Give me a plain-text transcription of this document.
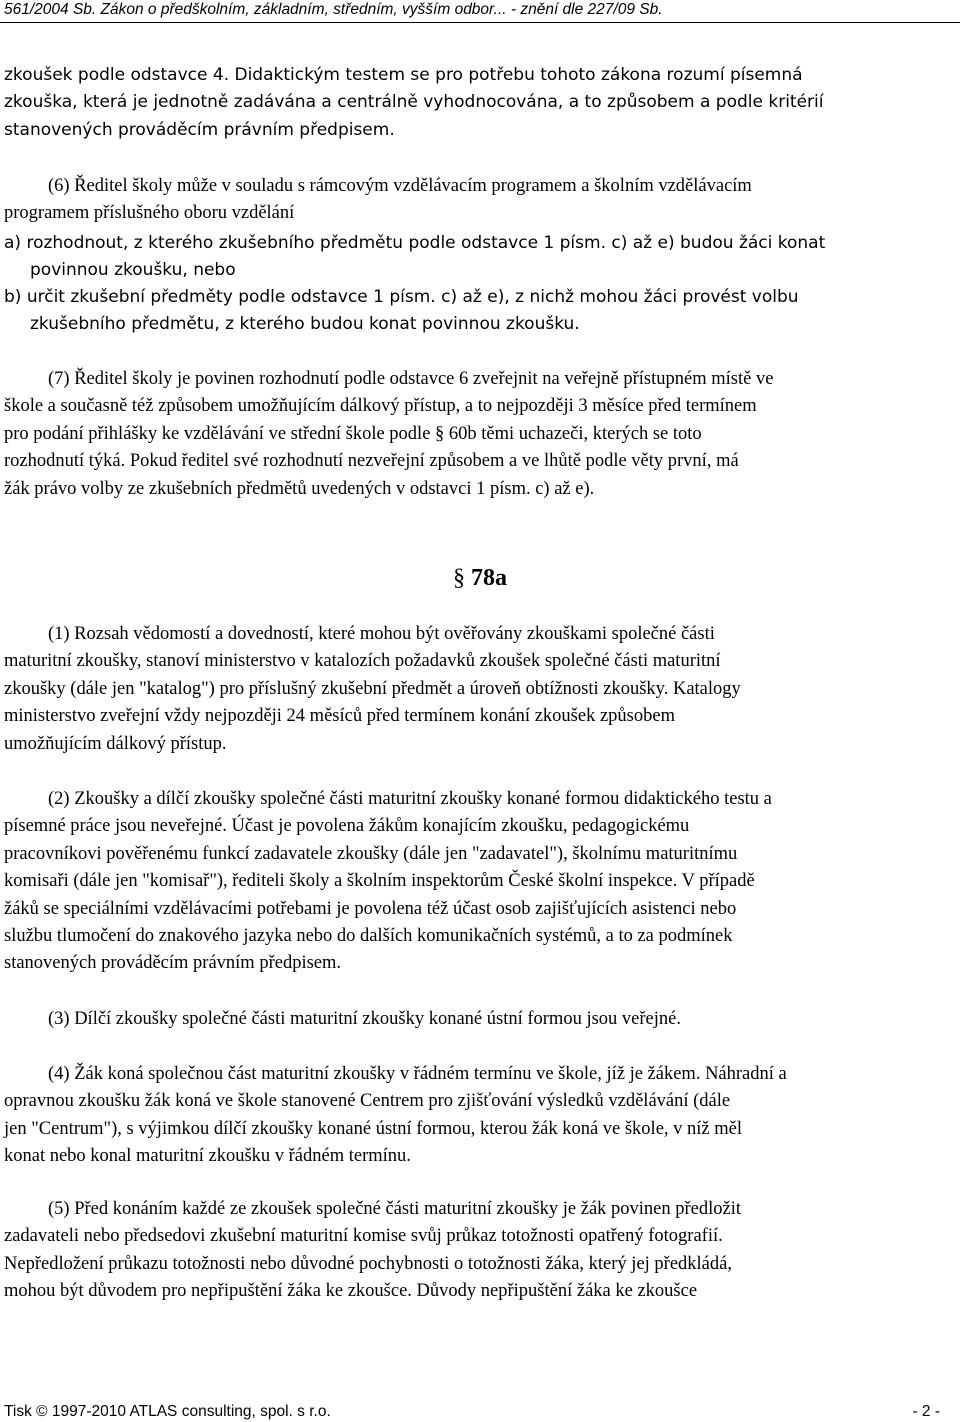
561/2004 Sb. Zákon o předškolním, základním, středním, vyšším odbor... - znění dle 227/09 Sb.
zkoušek podle odstavce 4. Didaktickým testem se pro potřebu tohoto zákona rozumí písemná
zkouška, která je jednotně zadávána a centrálně vyhodnocována, a to způsobem a podle kritérií
stanovených prováděcím právním předpisem.
(6) Ředitel školy může v souladu s rámcovým vzdělávacím programem a školním vzdělávacím
programem příslušného oboru vzdělání
a) rozhodnout, z kterého zkušebního předmětu podle odstavce 1 písm. c) až e) budou žáci konat
povinnou zkoušku, nebo
b) určit zkušební předměty podle odstavce 1 písm. c) až e), z nichž mohou žáci provést volbu
zkušebního předmětu, z kterého budou konat povinnou zkoušku.
(7) Ředitel školy je povinen rozhodnutí podle odstavce 6 zveřejnit na veřejně přístupném místě ve
škole a současně též způsobem umožňujícím dálkový přístup, a to nejpozději 3 měsíce před termínem
pro podání přihlášky ke vzdělávání ve střední škole podle § 60b těmi uchazeči, kterých se toto
rozhodnutí týká. Pokud ředitel své rozhodnutí nezveřejní způsobem a ve lhůtě podle věty první, má
žák právo volby ze zkušebních předmětů uvedených v odstavci 1 písm. c) až e).
§ 78a
(1) Rozsah vědomostí a dovedností, které mohou být ověřovány zkouškami společné části
maturitní zkoušky, stanoví ministerstvo v katalozích požadavků zkoušek společné části maturitní
zkoušky (dále jen "katalog") pro příslušný zkušební předmět a úroveň obtížnosti zkoušky. Katalogy
ministerstvo zveřejní vždy nejpozději 24 měsíců před termínem konání zkoušek způsobem
umožňujícím dálkový přístup.
(2) Zkoušky a dílčí zkoušky společné části maturitní zkoušky konané formou didaktického testu a
písemné práce jsou neveřejné. Účast je povolena žákům konajícím zkoušku, pedagogickému
pracovníkovi pověřenému funkcí zadavatele zkoušky (dále jen "zadavatel"), školnímu maturitnímu
komisaři (dále jen "komisař"), řediteli školy a školním inspektorům České školní inspekce. V případě
žáků se speciálními vzdělávacími potřebami je povolena též účast osob zajišťujících asistenci nebo
službu tlumočení do znakového jazyka nebo do dalších komunikačních systémů, a to za podmínek
stanovených prováděcím právním předpisem.
(3) Dílčí zkoušky společné části maturitní zkoušky konané ústní formou jsou veřejné.
(4) Žák koná společnou část maturitní zkoušky v řádném termínu ve škole, jíž je žákem. Náhradní a
opravnou zkoušku žák koná ve škole stanovené Centrem pro zjišťování výsledků vzdělávání (dále
jen "Centrum"), s výjimkou dílčí zkoušky konané ústní formou, kterou žák koná ve škole, v níž měl
konat nebo konal maturitní zkoušku v řádném termínu.
(5) Před konáním každé ze zkoušek společné části maturitní zkoušky je žák povinen předložit
zadavateli nebo předsedovi zkušební maturitní komise svůj průkaz totožnosti opatřený fotografií.
Nepředložení průkazu totožnosti nebo důvodné pochybnosti o totožnosti žáka, který jej předkládá,
mohou být důvodem pro nepřipuštění žáka ke zkoušce. Důvody nepřipuštění žáka ke zkoušce
Tisk © 1997-2010 ATLAS consulting, spol. s r.o.	- 2 -
